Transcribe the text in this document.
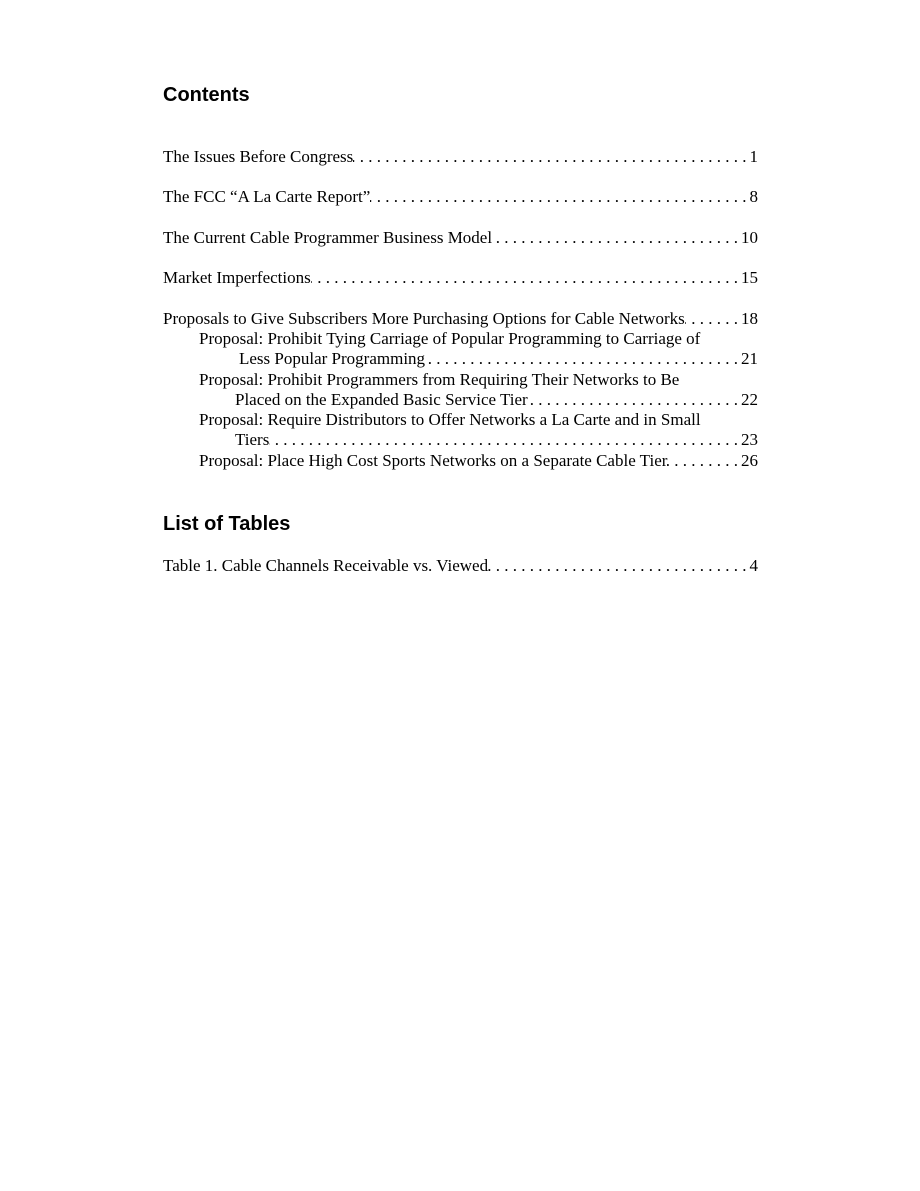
Contents
The Issues Before Congress . . .	1
The FCC “A La Carte Report” . . .	8
The Current Cable Programmer Business Model . . .	10
Market Imperfections . . .	15
Proposals to Give Subscribers More Purchasing Options for Cable Networks . . .	18
Proposal: Prohibit Tying Carriage of Popular Programming to Carriage of
Less Popular Programming . . .	21
Proposal: Prohibit Programmers from Requiring Their Networks to Be
Placed on the Expanded Basic Service Tier . . .	22
Proposal: Require Distributors to Offer Networks a La Carte and in Small
Tiers . . .	23
Proposal: Place High Cost Sports Networks on a Separate Cable Tier . . .	26
Table 1. Cable Channels Receivable vs. Viewed . . .	4
List of Tables
